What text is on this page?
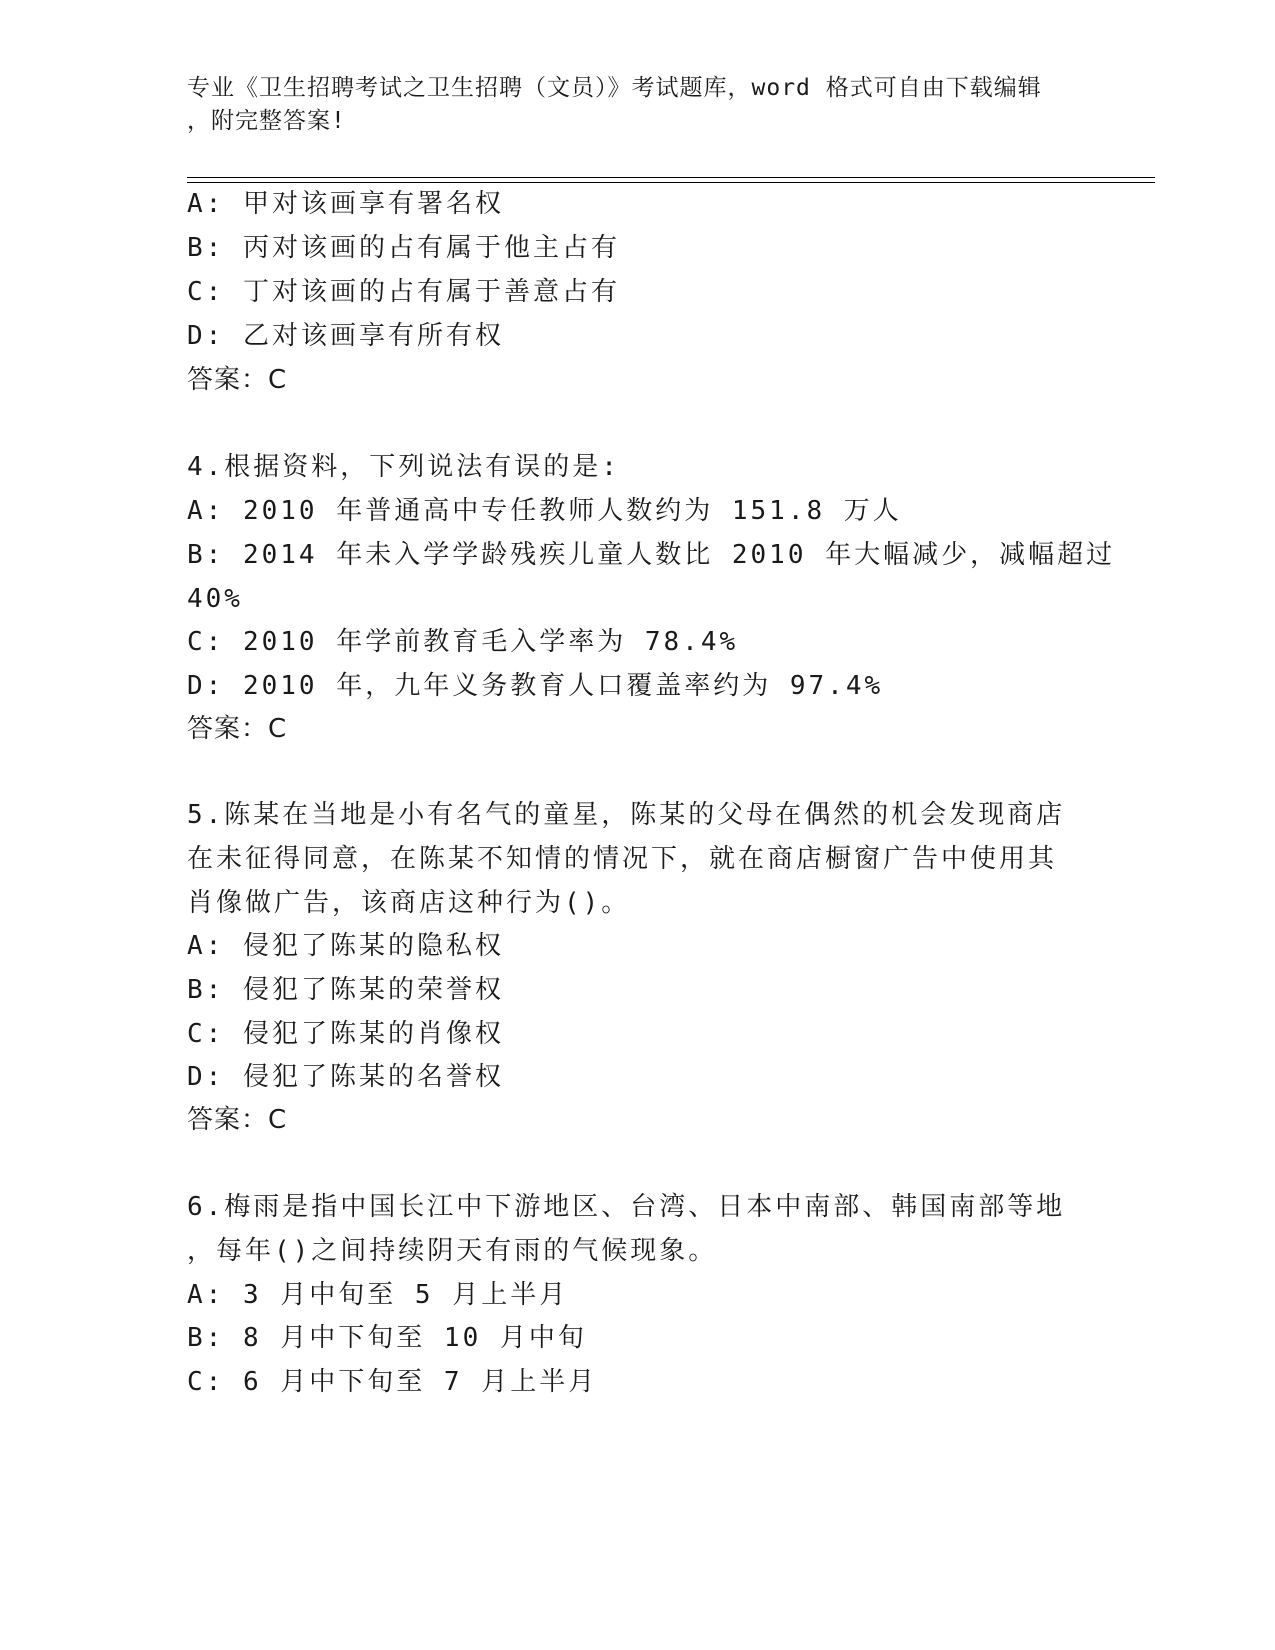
专业《卫生招聘考试之卫生招聘（文员）》考试题库，word 格式可自由下载编辑
，附完整答案!
A: 甲对该画享有署名权
B: 丙对该画的占有属于他主占有
C: 丁对该画的占有属于善意占有
D: 乙对该画享有所有权
答案：C
4.根据资料，下列说法有误的是:
A: 2010 年普通高中专任教师人数约为 151.8 万人
B: 2014 年未入学学龄残疾儿童人数比 2010 年大幅减少，减幅超过
40%
C: 2010 年学前教育毛入学率为 78.4%
D: 2010 年，九年义务教育人口覆盖率约为 97.4%
答案：C
5.陈某在当地是小有名气的童星，陈某的父母在偶然的机会发现商店
在未征得同意，在陈某不知情的情况下，就在商店橱窗广告中使用其
肖像做广告，该商店这种行为()。
A: 侵犯了陈某的隐私权
B: 侵犯了陈某的荣誉权
C: 侵犯了陈某的肖像权
D: 侵犯了陈某的名誉权
答案：C
6.梅雨是指中国长江中下游地区、台湾、日本中南部、韩国南部等地
，每年()之间持续阴天有雨的气候现象。
A: 3 月中旬至 5 月上半月
B: 8 月中下旬至 10 月中旬
C: 6 月中下旬至 7 月上半月
